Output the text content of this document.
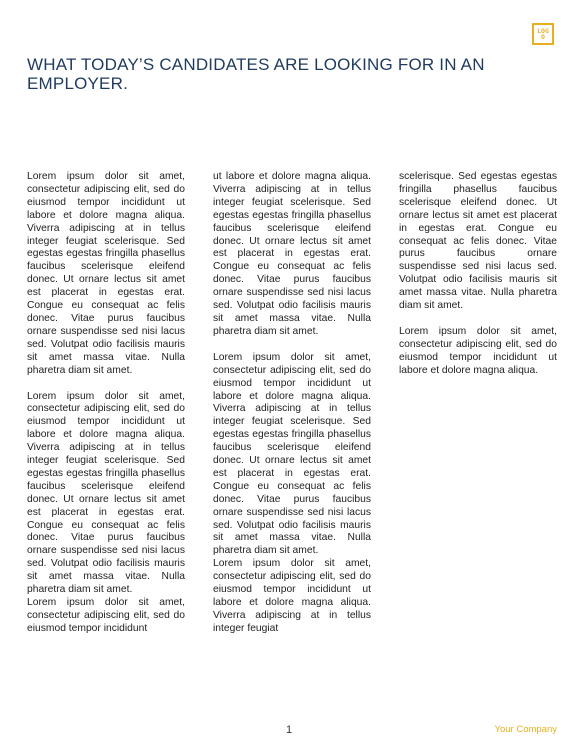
LOGO
WHAT TODAY’S CANDIDATES ARE LOOKING FOR IN AN EMPLOYER.

Lorem ipsum dolor sit amet, consectetur adipiscing elit, sed do eiusmod tempor incididunt ut labore et dolore magna aliqua. Viverra adipiscing at in tellus integer feugiat scelerisque. Sed egestas egestas fringilla phasellus faucibus scelerisque eleifend donec. Ut ornare lectus sit amet est placerat in egestas erat. Congue eu consequat ac felis donec. Vitae purus faucibus ornare suspendisse sed nisi lacus sed. Volutpat odio facilisis mauris sit amet massa vitae. Nulla pharetra diam sit amet.

Lorem ipsum dolor sit amet, consectetur adipiscing elit, sed do eiusmod tempor incididunt ut labore et dolore magna aliqua. Viverra adipiscing at in tellus integer feugiat scelerisque. Sed egestas egestas fringilla phasellus faucibus scelerisque eleifend donec. Ut ornare lectus sit amet est placerat in egestas erat. Congue eu consequat ac felis donec. Vitae purus faucibus ornare suspendisse sed nisi lacus sed. Volutpat odio facilisis mauris sit amet massa vitae. Nulla pharetra diam sit amet.

Lorem ipsum dolor sit amet, consectetur adipiscing elit, sed do eiusmod tempor incididunt

ut labore et dolore magna aliqua. Viverra adipiscing at in tellus integer feugiat scelerisque. Sed egestas egestas fringilla phasellus faucibus scelerisque eleifend donec. Ut ornare lectus sit amet est placerat in egestas erat. Congue eu consequat ac felis donec. Vitae purus faucibus ornare suspendisse sed nisi lacus sed. Volutpat odio facilisis mauris sit amet massa vitae. Nulla pharetra diam sit amet.

Lorem ipsum dolor sit amet, consectetur adipiscing elit, sed do eiusmod tempor incididunt ut labore et dolore magna aliqua. Viverra adipiscing at in tellus integer feugiat scelerisque. Sed egestas egestas fringilla phasellus faucibus scelerisque eleifend donec. Ut ornare lectus sit amet est placerat in egestas erat. Congue eu consequat ac felis donec. Vitae purus faucibus ornare suspendisse sed nisi lacus sed. Volutpat odio facilisis mauris sit amet massa vitae. Nulla pharetra diam sit amet.

Lorem ipsum dolor sit amet, consectetur adipiscing elit, sed do eiusmod tempor incididunt ut labore et dolore magna aliqua. Viverra adipiscing at in tellus integer feugiat

scelerisque. Sed egestas egestas fringilla phasellus faucibus scelerisque eleifend donec. Ut ornare lectus sit amet est placerat in egestas erat. Congue eu consequat ac felis donec. Vitae purus faucibus ornare suspendisse sed nisi lacus sed. Volutpat odio facilisis mauris sit amet massa vitae. Nulla pharetra diam sit amet.

Lorem ipsum dolor sit amet, consectetur adipiscing elit, sed do eiusmod tempor incididunt ut labore et dolore magna aliqua.

1	Your Company
